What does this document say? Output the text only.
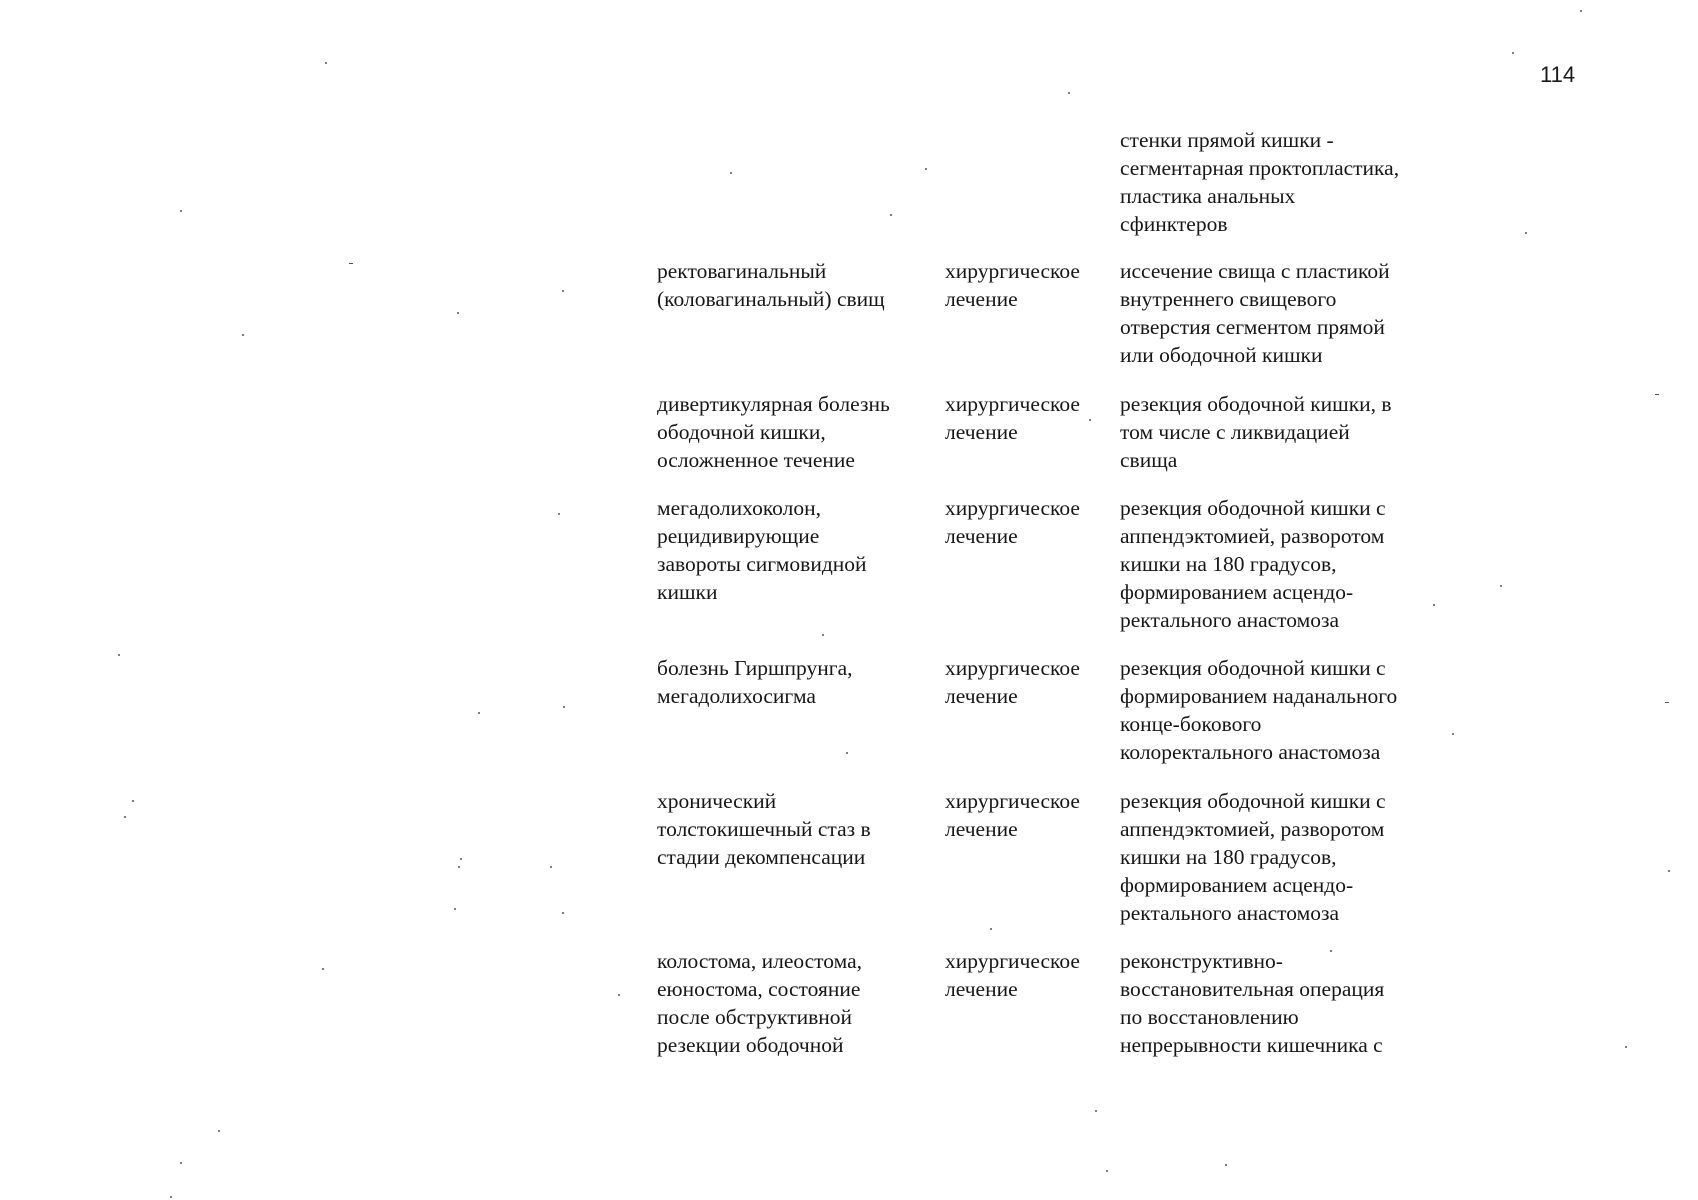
114
стенки прямой кишки -
сегментарная проктопластика,
пластика анальных
сфинктеров
ректовагинальный
(коловагинальный) свищ
хирургическое
лечение
иссечение свища с пластикой
внутреннего свищевого
отверстия сегментом прямой
или ободочной кишки
дивертикулярная болезнь
ободочной кишки,
осложненное течение
хирургическое
лечение
резекция ободочной кишки, в
том числе с ликвидацией
свища
мегадолихоколон,
рецидивирующие
завороты сигмовидной
кишки
хирургическое
лечение
резекция ободочной кишки с
аппендэктомией, разворотом
кишки на 180 градусов,
формированием асцендо-
ректального анастомоза
болезнь Гиршпрунга,
мегадолихосигма
хирургическое
лечение
резекция ободочной кишки с
формированием наданального
конце-бокового
колоректального анастомоза
хронический
толстокишечный стаз в
стадии декомпенсации
хирургическое
лечение
резекция ободочной кишки с
аппендэктомией, разворотом
кишки на 180 градусов,
формированием асцендо-
ректального анастомоза
колостома, илеостома,
еюностома, состояние
после обструктивной
резекции ободочной
хирургическое
лечение
реконструктивно-
восстановительная операция
по восстановлению
непрерывности кишечника с
